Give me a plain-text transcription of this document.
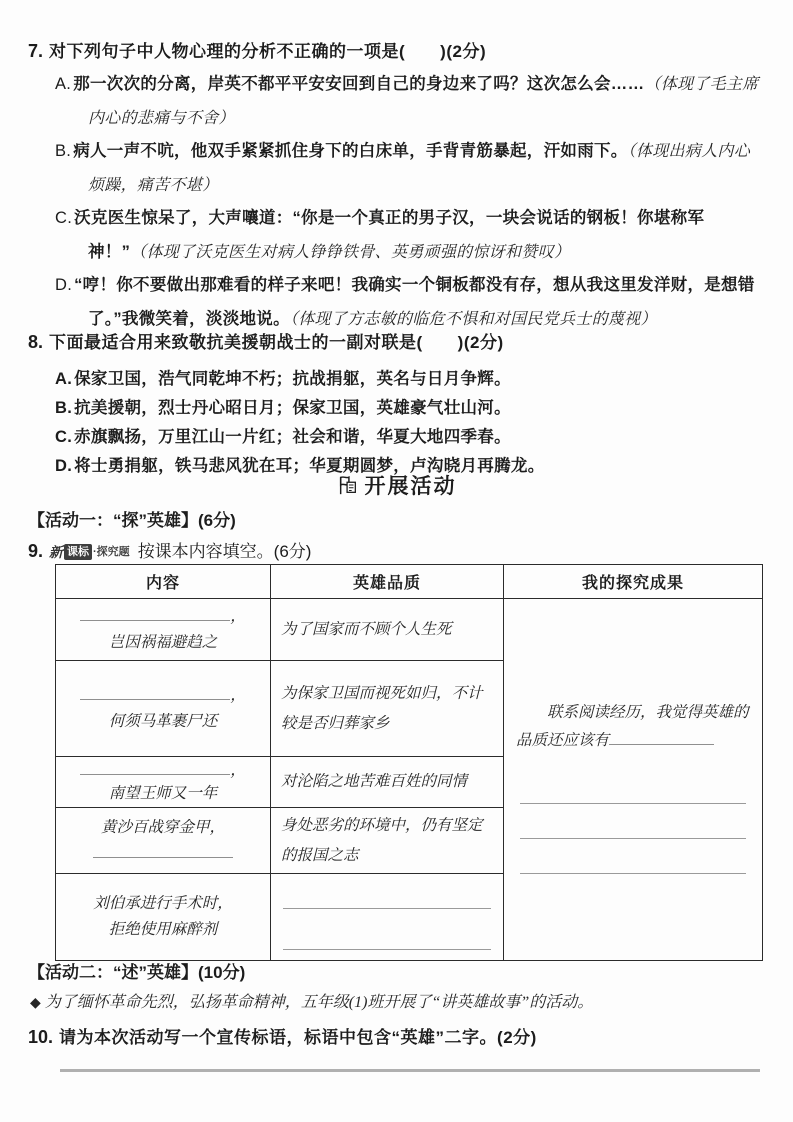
7. 对下列句子中人物心理的分析不正确的一项是(　　)(2分)

A. 那一次次的分离，岸英不都平平安安回到自己的身边来了吗？这次怎么会……（体现了毛主席内心的悲痛与不舍）

B. 病人一声不吭，他双手紧紧抓住身下的白床单，手背青筋暴起，汗如雨下。（体现出病人内心烦躁，痛苦不堪）

C. 沃克医生惊呆了，大声嚷道：“你是一个真正的男子汉，一块会说话的钢板！你堪称军神！”（体现了沃克医生对病人铮铮铁骨、英勇顽强的惊讶和赞叹）

D. “哼！你不要做出那难看的样子来吧！我确实一个铜板都没有存，想从我这里发洋财，是想错了。”我微笑着，淡淡地说。（体现了方志敏的临危不惧和对国民党兵士的蔑视）

8. 下面最适合用来致敬抗美援朝战士的一副对联是(　　)(2分)

A. 保家卫国，浩气同乾坤不朽；抗战捐躯，英名与日月争辉。

B. 抗美援朝，烈士丹心昭日月；保家卫国，英雄豪气壮山河。

C. 赤旗飘扬，万里江山一片红；社会和谐，华夏大地四季春。

D. 将士勇捐躯，铁马悲风犹在耳；华夏期圆梦，卢沟晓月再腾龙。

开展活动

【活动一：“探”英雄】(6分)

9. 新 课标 ·探究题 按课本内容填空。(6分)

内容	英雄品质	我的探究成果

，
岂因祸福避趋之	为了国家而不顾个人生死	联系阅读经历，我觉得英雄的品质还应该有

，
何须马革裹尸还	为保家卫国而视死如归，不计较是否归葬家乡	

，
南望王师又一年	对沦陷之地苦难百姓的同情	

黄沙百战穿金甲，	身处恶劣的环境中，仍有坚定的报国之志	

刘伯承进行手术时，
拒绝使用麻醉剂		

【活动二：“述”英雄】(10分)

◆ 为了缅怀革命先烈，弘扬革命精神，五年级(1)班开展了“讲英雄故事”的活动。

10. 请为本次活动写一个宣传标语，标语中包含“英雄”二字。(2分)
